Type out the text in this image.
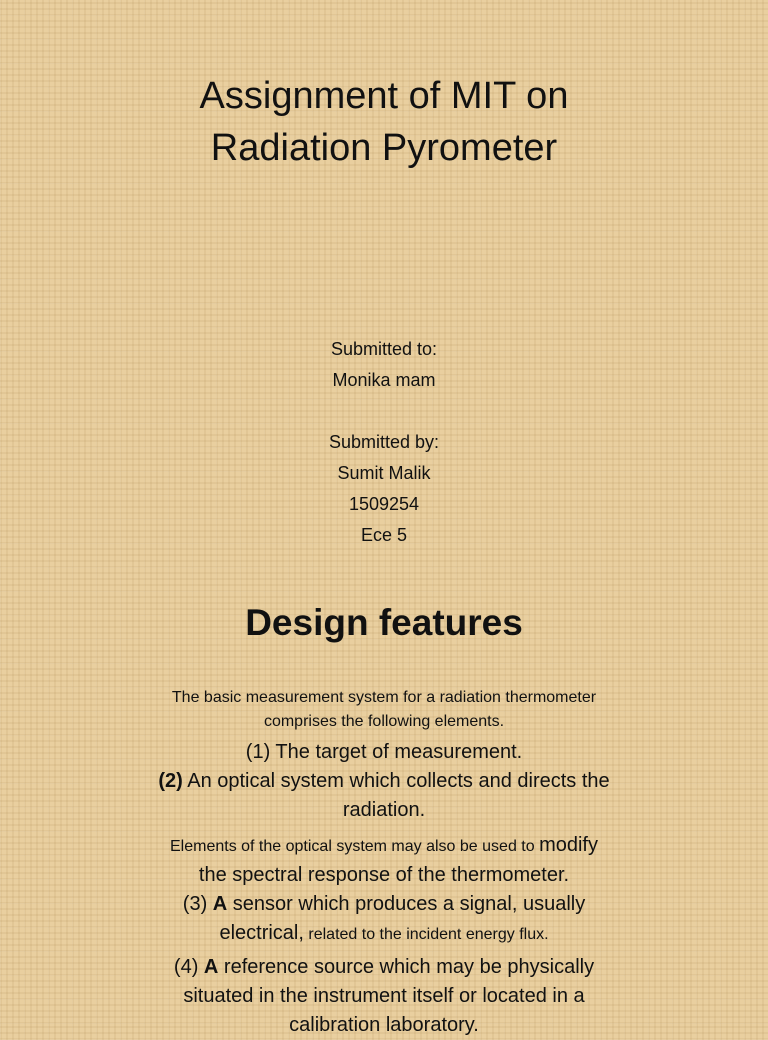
Assignment of MIT on
Radiation Pyrometer
Submitted to:
Monika mam
Submitted by:
Sumit Malik
1509254
Ece 5
Design features
The basic measurement system for a radiation thermometer
comprises the following elements.
(1) The target of measurement.
(2) An optical system which collects and directs the
radiation.
Elements of the optical system may also be used to modify
the spectral response of the thermometer.
(3) A sensor which produces a signal, usually
electrical, related to the incident energy flux.
(4) A reference source which may be physically
situated in the instrument itself or located in a
calibration laboratory.
